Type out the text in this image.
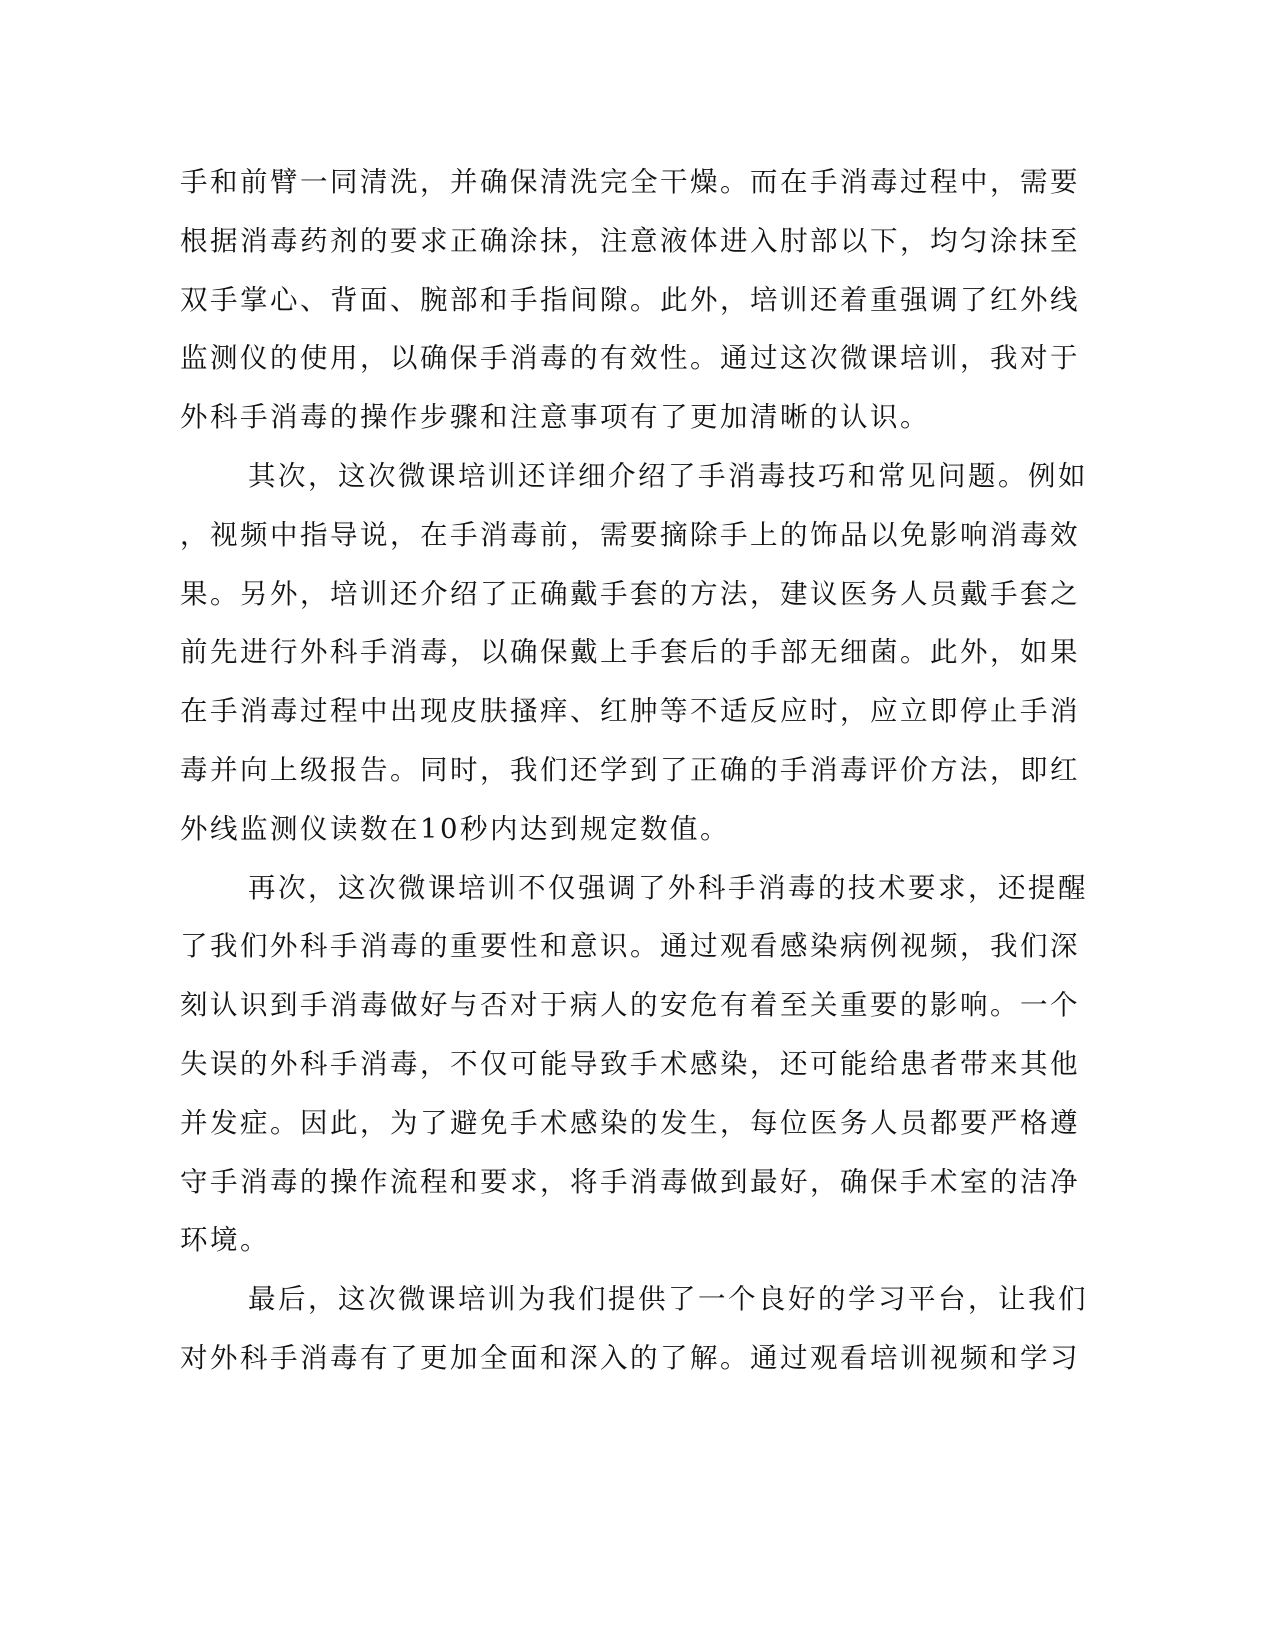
手和前臂一同清洗，并确保清洗完全干燥。而在手消毒过程中，需要
根据消毒药剂的要求正确涂抹，注意液体进入肘部以下，均匀涂抹至
双手掌心、背面、腕部和手指间隙。此外，培训还着重强调了红外线
监测仪的使用，以确保手消毒的有效性。通过这次微课培训，我对于
外科手消毒的操作步骤和注意事项有了更加清晰的认识。
其次，这次微课培训还详细介绍了手消毒技巧和常见问题。例如
，视频中指导说，在手消毒前，需要摘除手上的饰品以免影响消毒效
果。另外，培训还介绍了正确戴手套的方法，建议医务人员戴手套之
前先进行外科手消毒，以确保戴上手套后的手部无细菌。此外，如果
在手消毒过程中出现皮肤搔痒、红肿等不适反应时，应立即停止手消
毒并向上级报告。同时，我们还学到了正确的手消毒评价方法，即红
外线监测仪读数在10秒内达到规定数值。
再次，这次微课培训不仅强调了外科手消毒的技术要求，还提醒
了我们外科手消毒的重要性和意识。通过观看感染病例视频，我们深
刻认识到手消毒做好与否对于病人的安危有着至关重要的影响。一个
失误的外科手消毒，不仅可能导致手术感染，还可能给患者带来其他
并发症。因此，为了避免手术感染的发生，每位医务人员都要严格遵
守手消毒的操作流程和要求，将手消毒做到最好，确保手术室的洁净
环境。
最后，这次微课培训为我们提供了一个良好的学习平台，让我们
对外科手消毒有了更加全面和深入的了解。通过观看培训视频和学习
